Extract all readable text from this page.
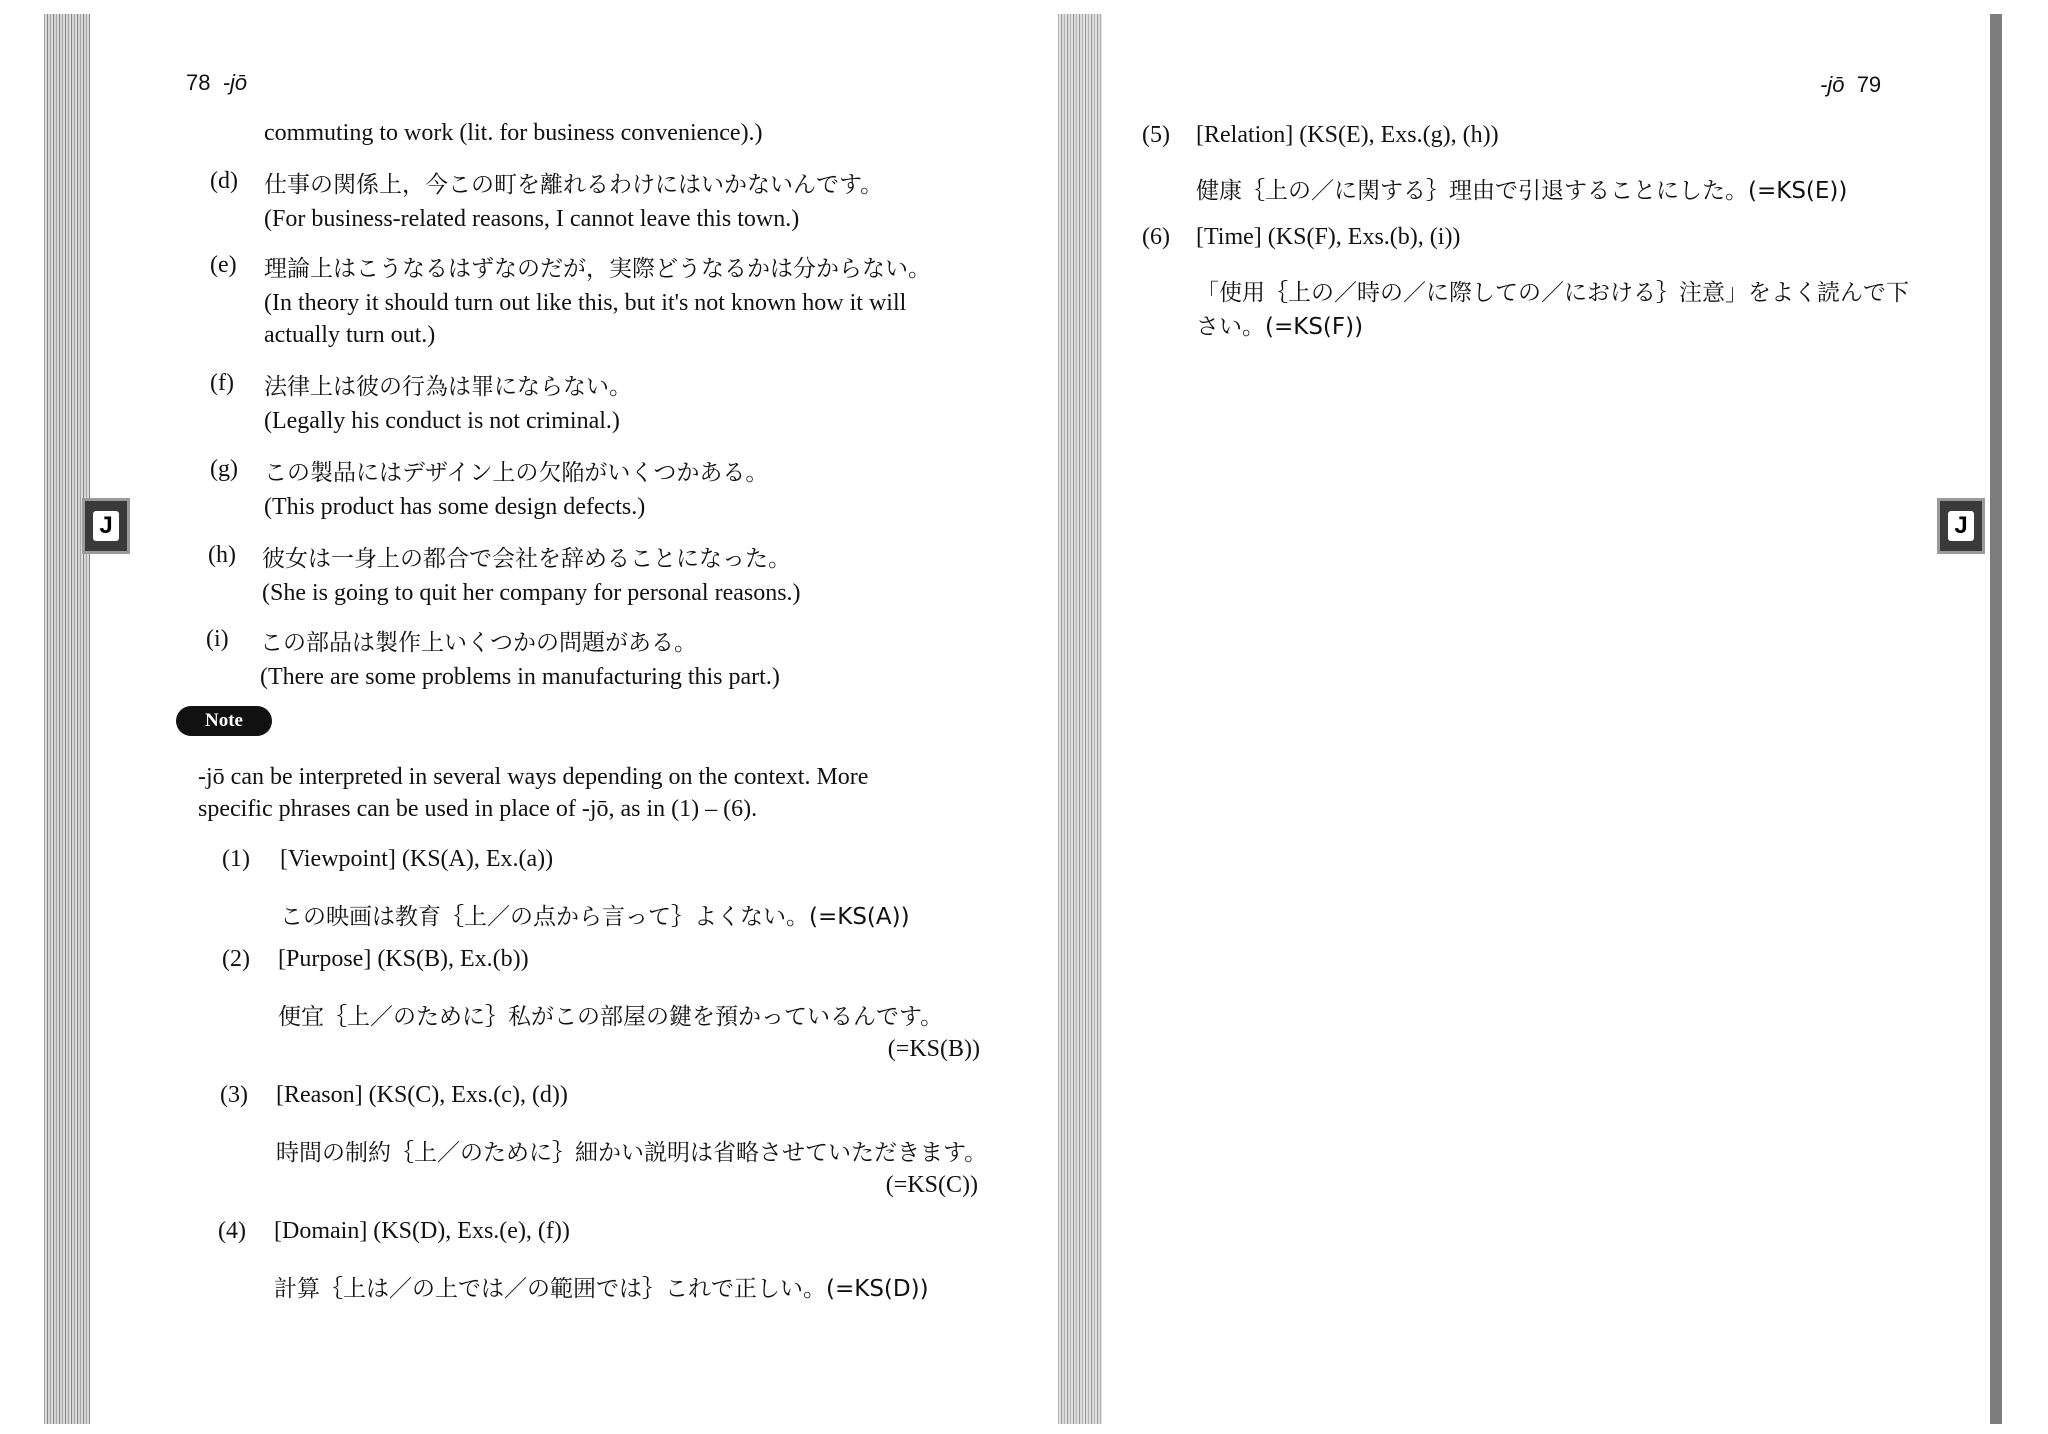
78 -jō
J
commuting to work (lit. for business convenience).)
(d) 仕事の関係上，今この町を離れるわけにはいかないんです。
(For business-related reasons, I cannot leave this town.)
(e) 理論上はこうなるはずなのだが，実際どうなるかは分からない。
(In theory it should turn out like this, but it's not known how it will
actually turn out.)
(f) 法律上は彼の行為は罪にならない。
(Legally his conduct is not criminal.)
(g) この製品にはデザイン上の欠陥がいくつかある。
(This product has some design defects.)
(h) 彼女は一身上の都合で会社を辞めることになった。
(She is going to quit her company for personal reasons.)
(i) この部品は製作上いくつかの問題がある。
(There are some problems in manufacturing this part.)
Note
-jō can be interpreted in several ways depending on the context. More
specific phrases can be used in place of -jō, as in (1) – (6).
(1) [Viewpoint] (KS(A), Ex.(a))
この映画は教育｛上／の点から言って｝よくない。(=KS(A))
(2) [Purpose] (KS(B), Ex.(b))
便宜｛上／のために｝私がこの部屋の鍵を預かっているんです。
(=KS(B))
(3) [Reason] (KS(C), Exs.(c), (d))
時間の制約｛上／のために｝細かい説明は省略させていただきます。
(=KS(C))
(4) [Domain] (KS(D), Exs.(e), (f))
計算｛上は／の上では／の範囲では｝これで正しい。(=KS(D))
-jō 79
(5) [Relation] (KS(E), Exs.(g), (h))
健康｛上の／に関する｝理由で引退することにした。(=KS(E))
(6) [Time] (KS(F), Exs.(b), (i))
「使用｛上の／時の／に際しての／における｝注意」をよく読んで下
さい。(=KS(F))
J
